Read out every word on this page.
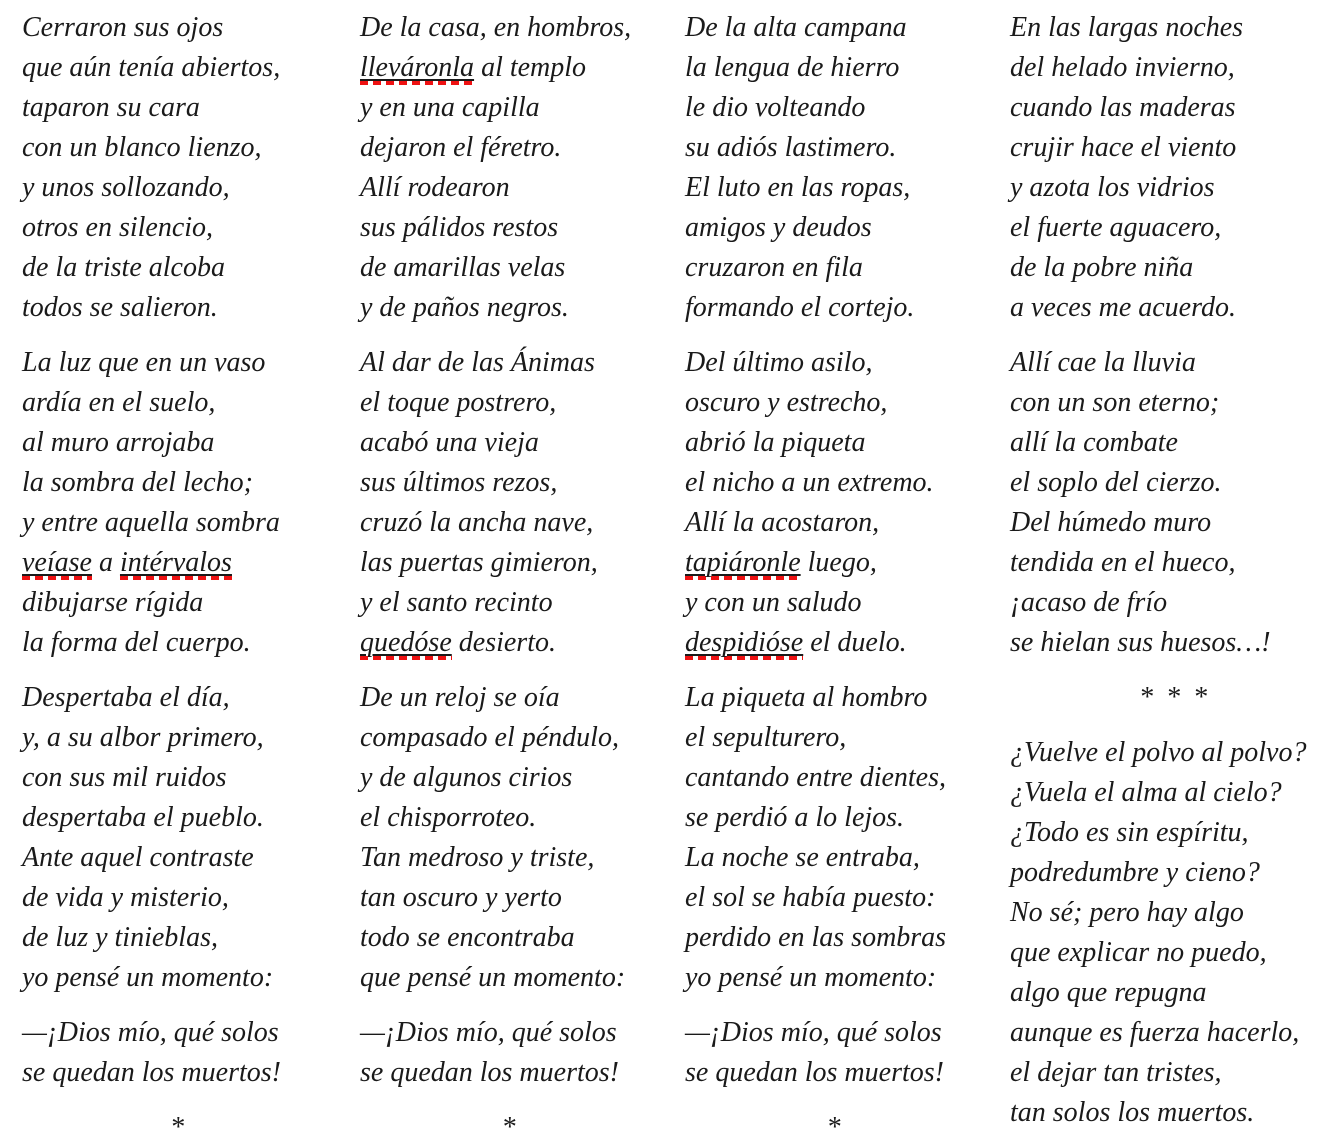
Cerraron sus ojos
que aún tenía abiertos,
taparon su cara
con un blanco lienzo,
y unos sollozando,
otros en silencio,
de la triste alcoba
todos se salieron.
La luz que en un vaso
ardía en el suelo,
al muro arrojaba
la sombra del lecho;
y entre aquella sombra
veíase a intérvalos
dibujarse rígida
la forma del cuerpo.
Despertaba el día,
y, a su albor primero,
con sus mil ruidos
despertaba el pueblo.
Ante aquel contraste
de vida y misterio,
de luz y tinieblas,
yo pensé un momento:
—¡Dios mío, qué solos
se quedan los muertos!
*
De la casa, en hombros,
lleváronla al templo
y en una capilla
dejaron el féretro.
Allí rodearon
sus pálidos restos
de amarillas velas
y de paños negros.
Al dar de las Ánimas
el toque postrero,
acabó una vieja
sus últimos rezos,
cruzó la ancha nave,
las puertas gimieron,
y el santo recinto
quedóse desierto.
De un reloj se oía
compasado el péndulo,
y de algunos cirios
el chisporroteo.
Tan medroso y triste,
tan oscuro y yerto
todo se encontraba
que pensé un momento:
—¡Dios mío, qué solos
se quedan los muertos!
*
De la alta campana
la lengua de hierro
le dio volteando
su adiós lastimero.
El luto en las ropas,
amigos y deudos
cruzaron en fila
formando el cortejo.
Del último asilo,
oscuro y estrecho,
abrió la piqueta
el nicho a un extremo.
Allí la acostaron,
tapiáronle luego,
y con un saludo
despidióse el duelo.
La piqueta al hombro
el sepulturero,
cantando entre dientes,
se perdió a lo lejos.
La noche se entraba,
el sol se había puesto:
perdido en las sombras
yo pensé un momento:
—¡Dios mío, qué solos
se quedan los muertos!
*
En las largas noches
del helado invierno,
cuando las maderas
crujir hace el viento
y azota los vidrios
el fuerte aguacero,
de la pobre niña
a veces me acuerdo.
Allí cae la lluvia
con un son eterno;
allí la combate
el soplo del cierzo.
Del húmedo muro
tendida en el hueco,
¡acaso de frío
se hielan sus huesos…!
* * *
¿Vuelve el polvo al polvo?
¿Vuela el alma al cielo?
¿Todo es sin espíritu,
podredumbre y cieno?
No sé; pero hay algo
que explicar no puedo,
algo que repugna
aunque es fuerza hacerlo,
el dejar tan tristes,
tan solos los muertos.
